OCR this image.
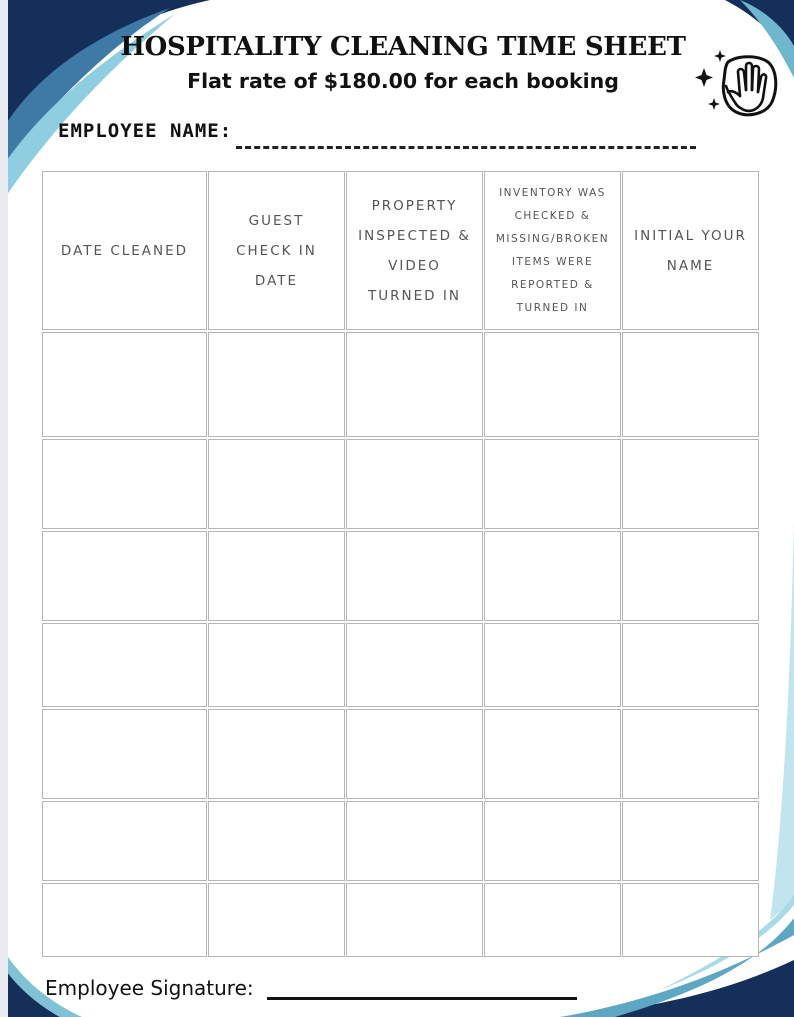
HOSPITALITY CLEANING TIME SHEET
Flat rate of $180.00 for each booking
EMPLOYEE NAME:
DATE CLEANED
GUEST
CHECK IN
DATE
PROPERTY
INSPECTED &
VIDEO
TURNED IN
INVENTORY WAS
CHECKED &
MISSING/BROKEN
ITEMS WERE
REPORTED &
TURNED IN
INITIAL YOUR
NAME
Employee Signature:
